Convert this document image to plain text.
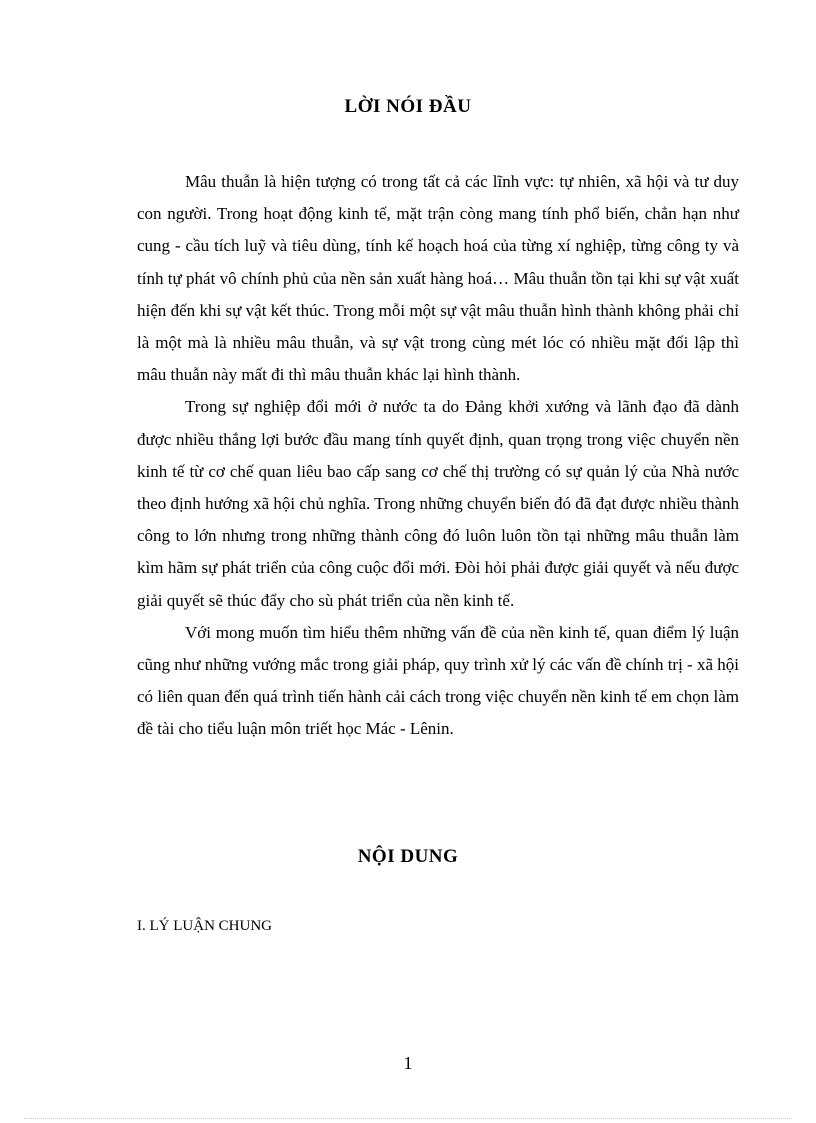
LỜI NÓI ĐẦU

Mâu thuẫn là hiện tượng có trong tất cả các lĩnh vực: tự nhiên, xã hội và tư duy con người. Trong hoạt động kinh tế, mặt trận còng mang tính phổ biến, chẳn hạn như cung - cầu tích luỹ và tiêu dùng, tính kế hoạch hoá của từng xí nghiệp, từng công ty và tính tự phát vô chính phủ của nền sản xuất hàng hoá… Mâu thuẫn tồn tại khi sự vật xuất hiện đến khi sự vật kết thúc. Trong mỗi một sự vật mâu thuẫn hình thành không phải chỉ là một mà là nhiều mâu thuẫn, và sự vật trong cùng mét lóc có nhiều mặt đối lập thì mâu thuẫn này mất đi thì mâu thuẫn khác lại hình thành.

Trong sự nghiệp đổi mới ở nước ta do Đảng khởi xướng và lãnh đạo đã dành được nhiều thắng lợi bước đầu mang tính quyết định, quan trọng trong việc chuyển nền kinh tế từ cơ chế quan liêu bao cấp sang cơ chế thị trường có sự quản lý của Nhà nước theo định hướng xã hội chủ nghĩa. Trong những chuyển biến đó đã đạt được nhiều thành công to lớn nhưng trong những thành công đó luôn luôn tồn tại những mâu thuẫn làm kìm hãm sự phát triển của công cuộc đổi mới. Đòi hỏi phải được giải quyết và nếu được giải quyết sẽ thúc đẩy cho sù phát triển của nền kinh tế.

Với mong muốn tìm hiểu thêm những vấn đề của nền kinh tế, quan điểm lý luận cũng như những vướng mắc trong giải pháp, quy trình xử lý các vấn đề chính trị - xã hội có liên quan đến quá trình tiến hành cải cách trong việc chuyển nền kinh tế em chọn làm đề tài cho tiểu luận môn triết học Mác - Lênin.

NỘI DUNG
I. LÝ LUẬN CHUNG
1
